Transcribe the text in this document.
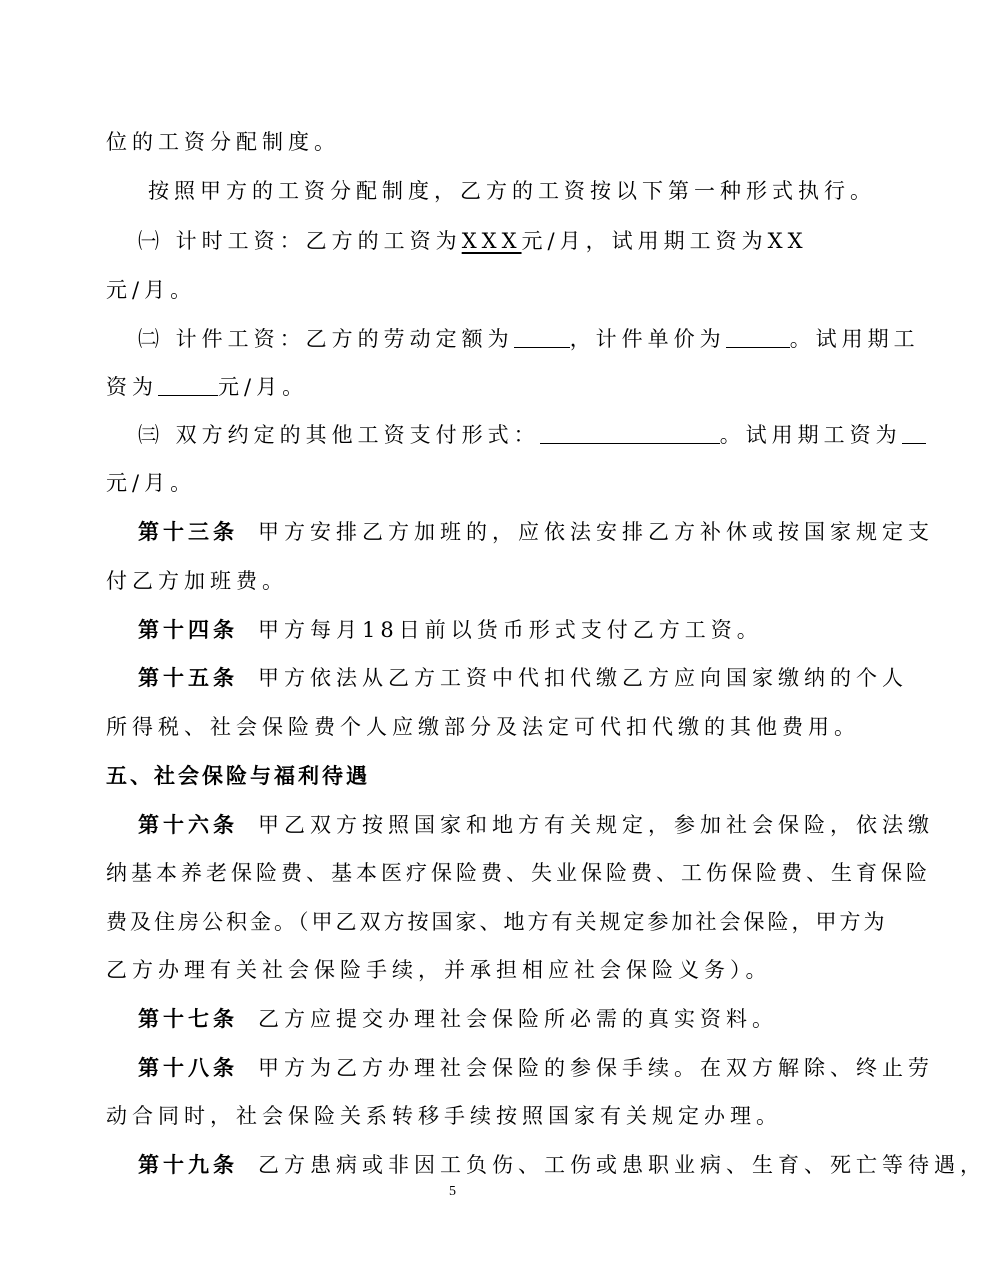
位的工资分配制度。
按照甲方的工资分配制度，乙方的工资按以下第一种形式执行。
㈠ 计时工资：乙方的工资为XXX元/月，试用期工资为XX
元/月。
㈡ 计件工资：乙方的劳动定额为	，计件单价为	。试用期工
资为	元/月。
㈢ 双方约定的其他工资支付形式：	。试用期工资为
元/月。
第十三条 甲方安排乙方加班的，应依法安排乙方补休或按国家规定支
付乙方加班费。
第十四条 甲方每月18日前以货币形式支付乙方工资。
第十五条 甲方依法从乙方工资中代扣代缴乙方应向国家缴纳的个人
所得税、社会保险费个人应缴部分及法定可代扣代缴的其他费用。
五、社会保险与福利待遇
第十六条 甲乙双方按照国家和地方有关规定，参加社会保险，依法缴
纳基本养老保险费、基本医疗保险费、失业保险费、工伤保险费、生育保险
费及住房公积金。（甲乙双方按国家、地方有关规定参加社会保险，甲方为
乙方办理有关社会保险手续，并承担相应社会保险义务）。
第十七条 乙方应提交办理社会保险所必需的真实资料。
第十八条 甲方为乙方办理社会保险的参保手续。在双方解除、终止劳
动合同时，社会保险关系转移手续按照国家有关规定办理。
第十九条 乙方患病或非因工负伤、工伤或患职业病、生育、死亡等待遇，
5
